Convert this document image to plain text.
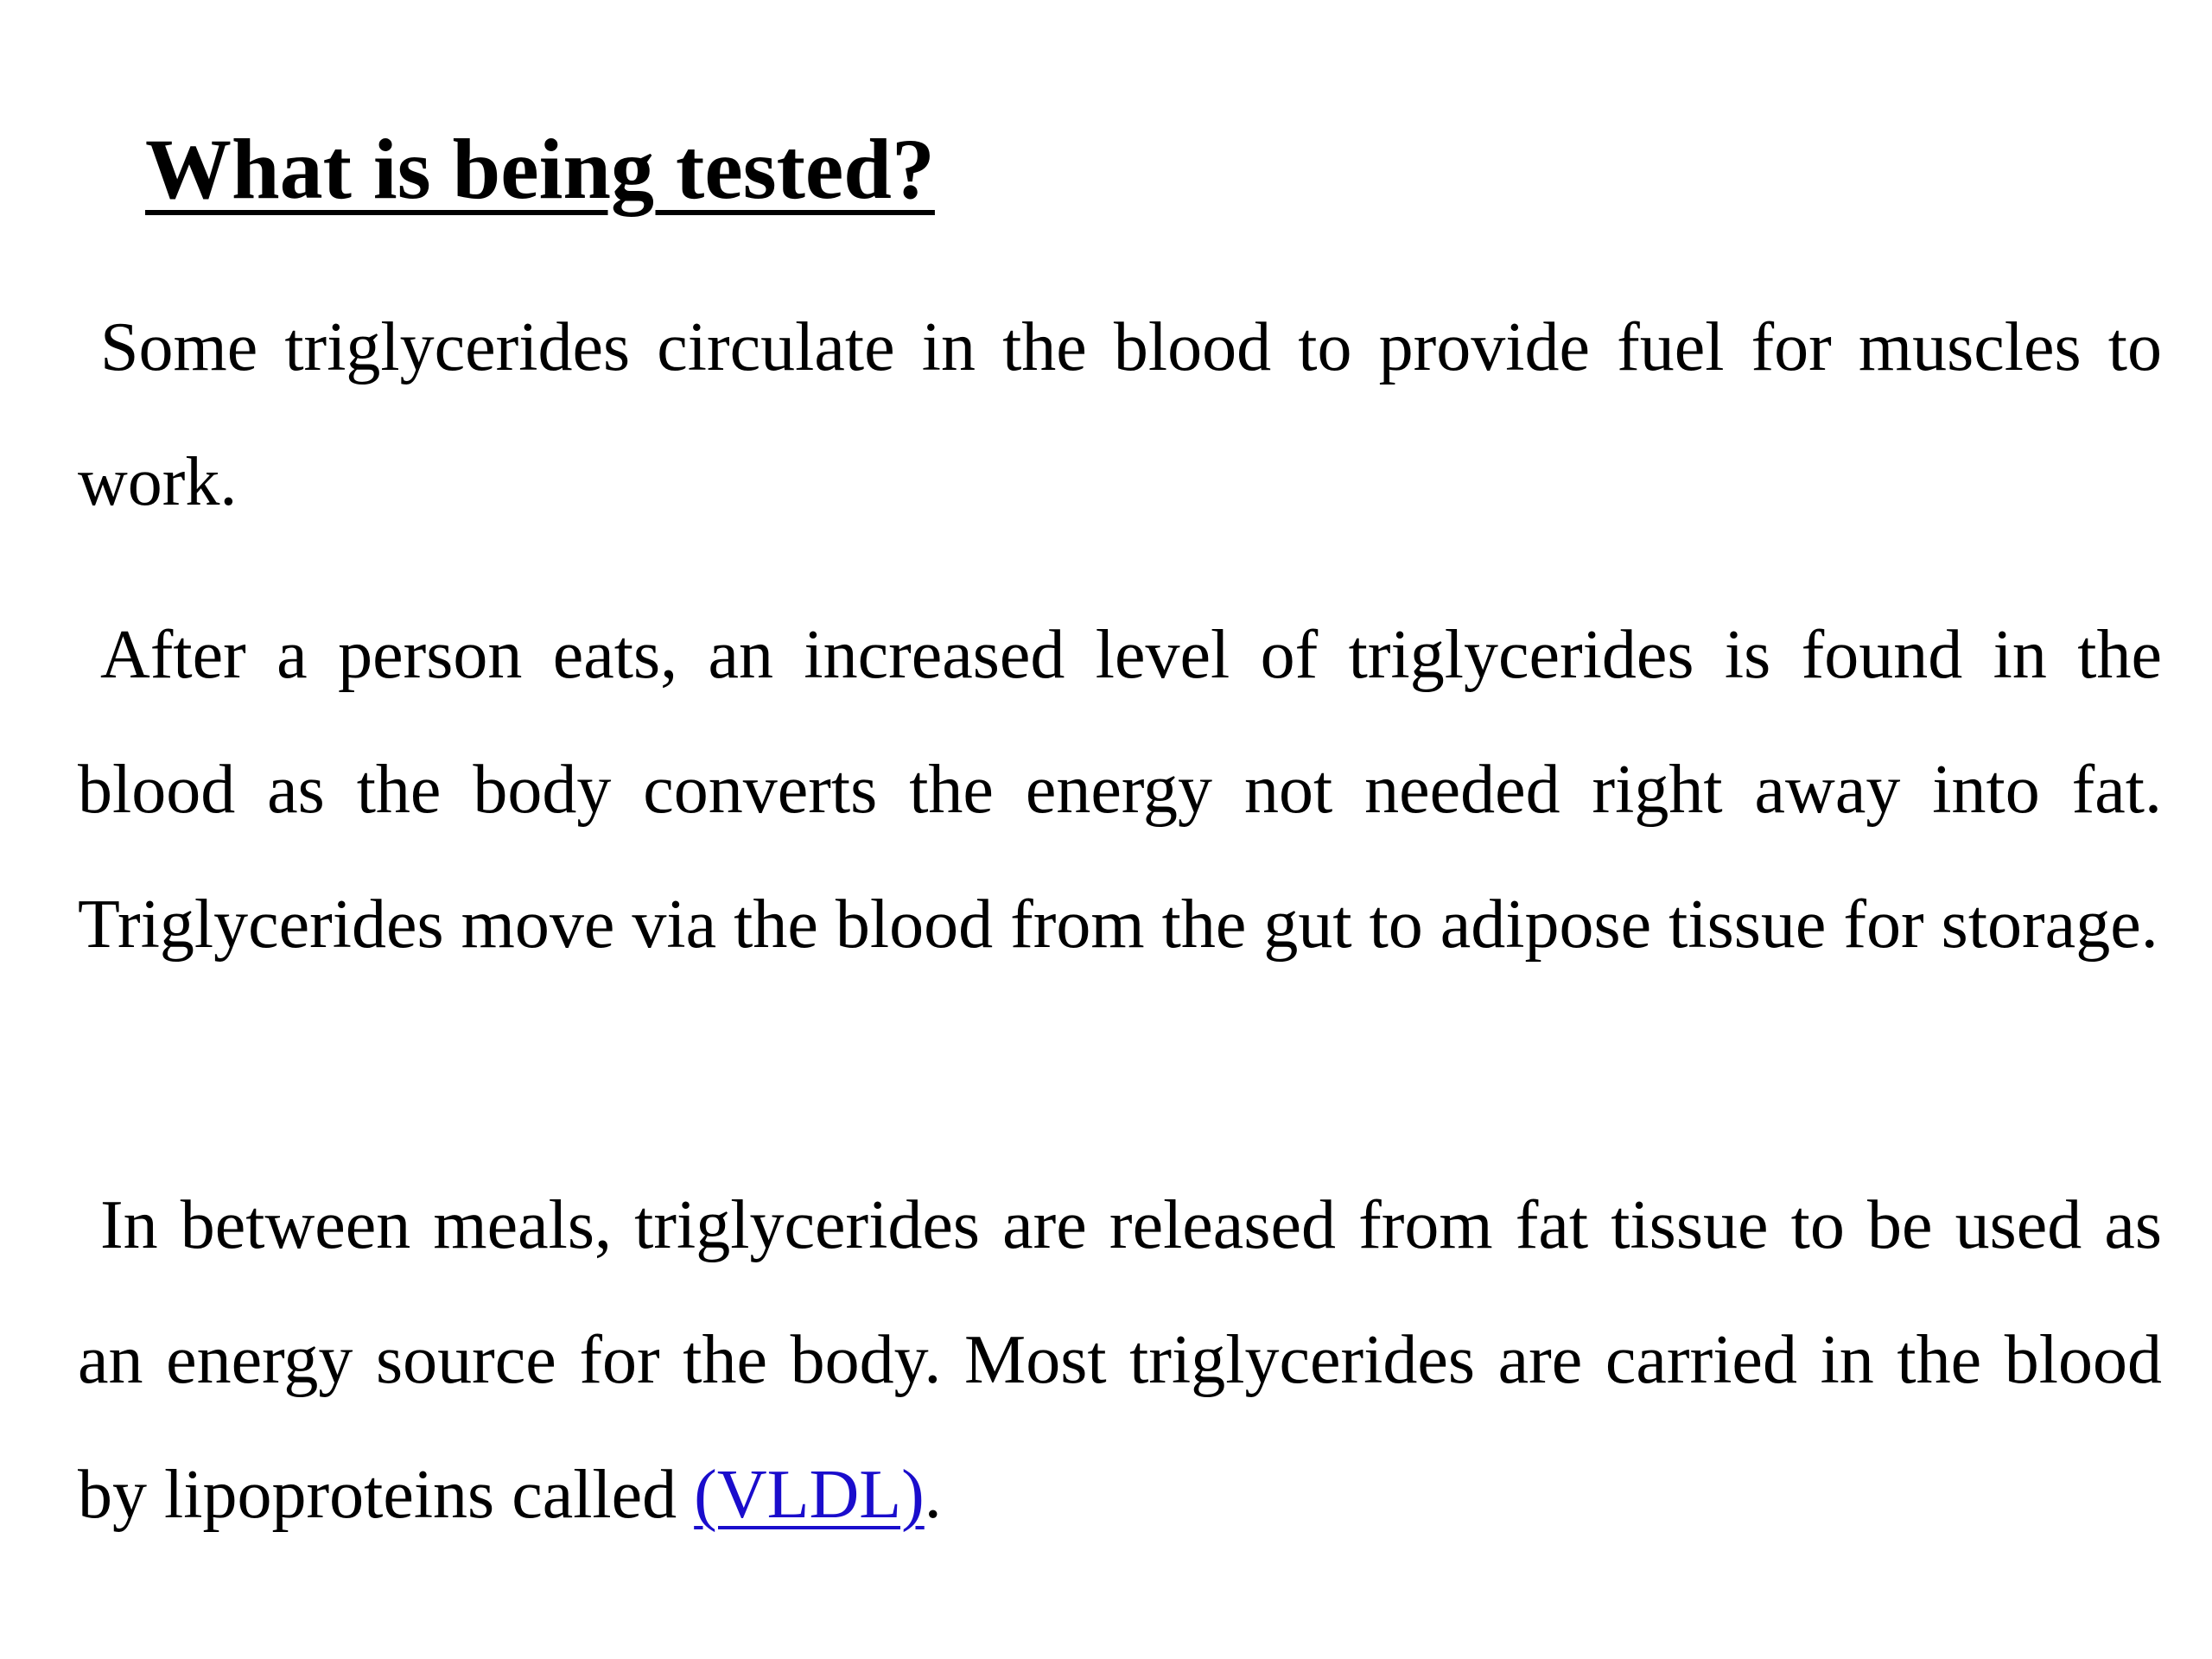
What is being tested?

Some triglycerides circulate in the blood to provide fuel for muscles to work.

After a person eats, an increased level of triglycerides is found in the blood as the body converts the energy not needed right away into fat. Triglycerides move via the blood from the gut to adipose tissue for storage.

In between meals, triglycerides are released from fat tissue to be used as an energy source for the body. Most triglycerides are carried in the blood by lipoproteins called (VLDL).
